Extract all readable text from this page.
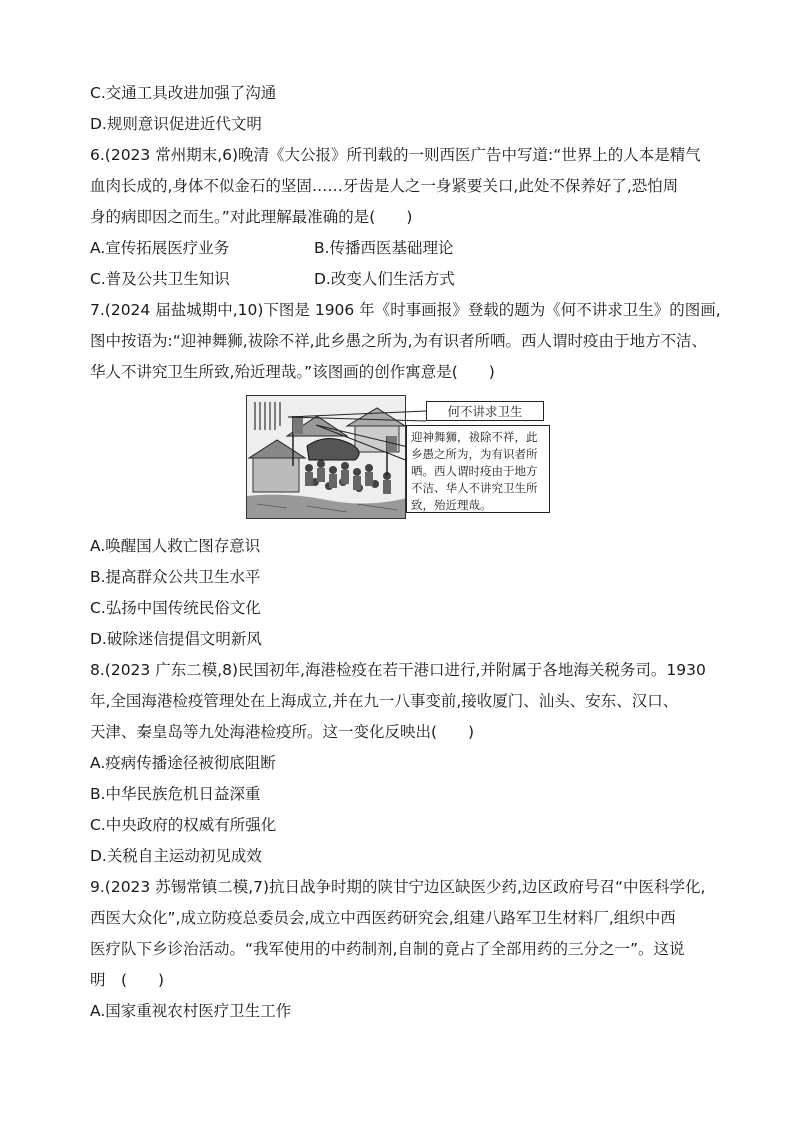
C.交通工具改进加强了沟通
D.规则意识促进近代文明
6.(2023 常州期末,6)晚清《大公报》所刊载的一则西医广告中写道:“世界上的人本是精气
血肉长成的,身体不似金石的坚固……牙齿是人之一身紧要关口,此处不保养好了,恐怕周
身的病即因之而生。”对此理解最准确的是(　　)
A.宣传拓展医疗业务	B.传播西医基础理论
C.普及公共卫生知识	D.改变人们生活方式
7.(2024 届盐城期中,10)下图是 1906 年《时事画报》登载的题为《何不讲求卫生》的图画,
图中按语为:“迎神舞狮,祓除不祥,此乡愚之所为,为有识者所哂。西人谓时疫由于地方不洁、
华人不讲究卫生所致,殆近理哉。”该图画的创作寓意是(　　)
何不讲求卫生
迎神舞狮，祓除不祥，此乡愚之所为，为有识者所哂。西人谓时疫由于地方不洁、华人不讲究卫生所致，殆近理哉。
A.唤醒国人救亡图存意识
B.提高群众公共卫生水平
C.弘扬中国传统民俗文化
D.破除迷信提倡文明新风
8.(2023 广东二模,8)民国初年,海港检疫在若干港口进行,并附属于各地海关税务司。1930
年,全国海港检疫管理处在上海成立,并在九一八事变前,接收厦门、汕头、安东、汉口、
天津、秦皇岛等九处海港检疫所。这一变化反映出(　　)
A.疫病传播途径被彻底阻断
B.中华民族危机日益深重
C.中央政府的权威有所强化
D.关税自主运动初见成效
9.(2023 苏锡常镇二模,7)抗日战争时期的陕甘宁边区缺医少药,边区政府号召“中医科学化,
西医大众化”,成立防疫总委员会,成立中西医药研究会,组建八路军卫生材料厂,组织中西
医疗队下乡诊治活动。“我军使用的中药制剂,自制的竟占了全部用药的三分之一”。这说
明　(　　)
A.国家重视农村医疗卫生工作
